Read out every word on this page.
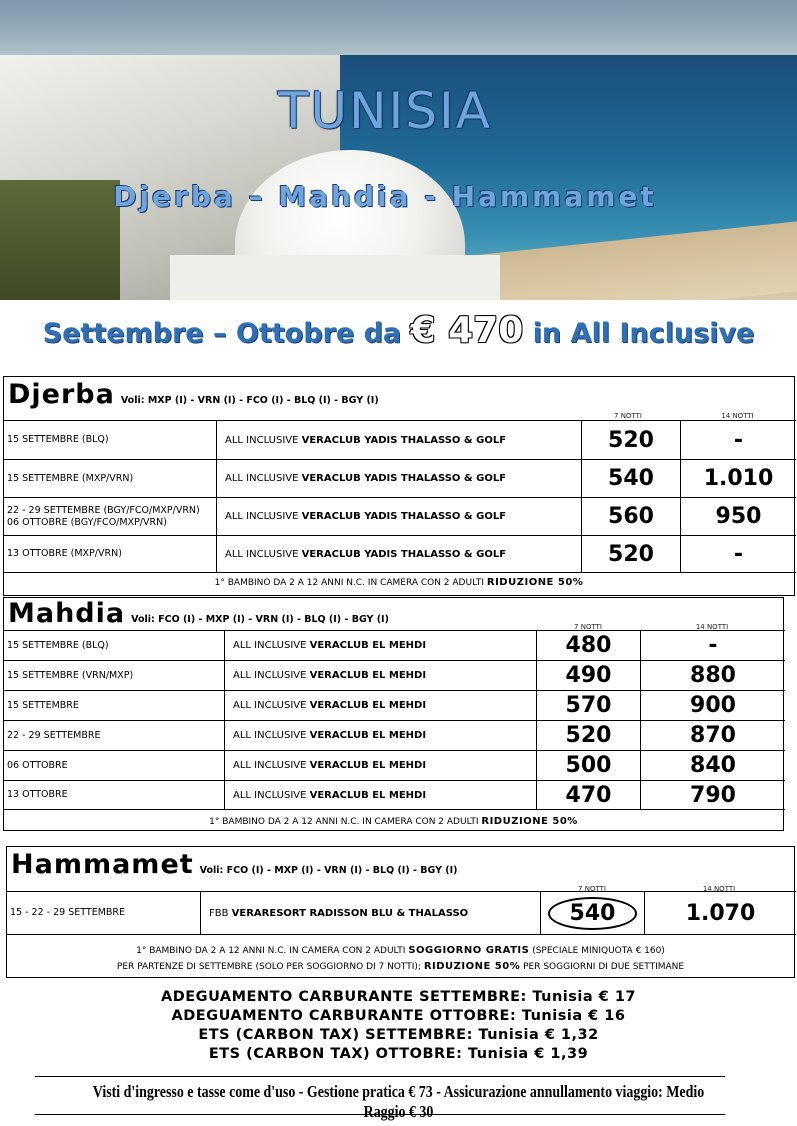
TUNISIA
Djerba – Mahdia - Hammamet
Settembre – Ottobre da € 470 in All Inclusive
Djerba Voli: MXP (I) - VRN (I) - FCO (I) - BLQ (I) - BGY (I)
7 NOTTI	14 NOTTI
15 SETTEMBRE (BLQ)	ALL INCLUSIVE VERACLUB YADIS THALASSO & GOLF	520	-
15 SETTEMBRE (MXP/VRN)	ALL INCLUSIVE VERACLUB YADIS THALASSO & GOLF	540	1.010
22 - 29 SETTEMBRE (BGY/FCO/MXP/VRN)
06 OTTOBRE (BGY/FCO/MXP/VRN)	ALL INCLUSIVE VERACLUB YADIS THALASSO & GOLF	560	950
13 OTTOBRE (MXP/VRN)	ALL INCLUSIVE VERACLUB YADIS THALASSO & GOLF	520	-
1° BAMBINO DA 2 A 12 ANNI N.C. IN CAMERA CON 2 ADULTI RIDUZIONE 50%
Mahdia Voli: FCO (I) - MXP (I) - VRN (I) - BLQ (I) - BGY (I)
7 NOTTI	14 NOTTI
15 SETTEMBRE (BLQ)	ALL INCLUSIVE VERACLUB EL MEHDI	480	-
15 SETTEMBRE (VRN/MXP)	ALL INCLUSIVE VERACLUB EL MEHDI	490	880
15 SETTEMBRE	ALL INCLUSIVE VERACLUB EL MEHDI	570	900
22 - 29 SETTEMBRE	ALL INCLUSIVE VERACLUB EL MEHDI	520	870
06 OTTOBRE	ALL INCLUSIVE VERACLUB EL MEHDI	500	840
13 OTTOBRE	ALL INCLUSIVE VERACLUB EL MEHDI	470	790
1° BAMBINO DA 2 A 12 ANNI N.C. IN CAMERA CON 2 ADULTI RIDUZIONE 50%
Hammamet Voli: FCO (I) - MXP (I) - VRN (I) - BLQ (I) - BGY (I)
7 NOTTI	14 NOTTI
15 - 22 - 29 SETTEMBRE	FBB VERARESORT RADISSON BLU & THALASSO	540	1.070
1° BAMBINO DA 2 A 12 ANNI N.C. IN CAMERA CON 2 ADULTI SOGGIORNO GRATIS (SPECIALE MINIQUOTA € 160)
PER PARTENZE DI SETTEMBRE (SOLO PER SOGGIORNO DI 7 NOTTI); RIDUZIONE 50% PER SOGGIORNI DI DUE SETTIMANE
ADEGUAMENTO CARBURANTE SETTEMBRE: Tunisia € 17
ADEGUAMENTO CARBURANTE OTTOBRE: Tunisia € 16
ETS (CARBON TAX) SETTEMBRE: Tunisia € 1,32
ETS (CARBON TAX) OTTOBRE: Tunisia € 1,39
Visti d'ingresso e tasse come d'uso - Gestione pratica € 73 - Assicurazione annullamento viaggio: Medio Raggio € 30
